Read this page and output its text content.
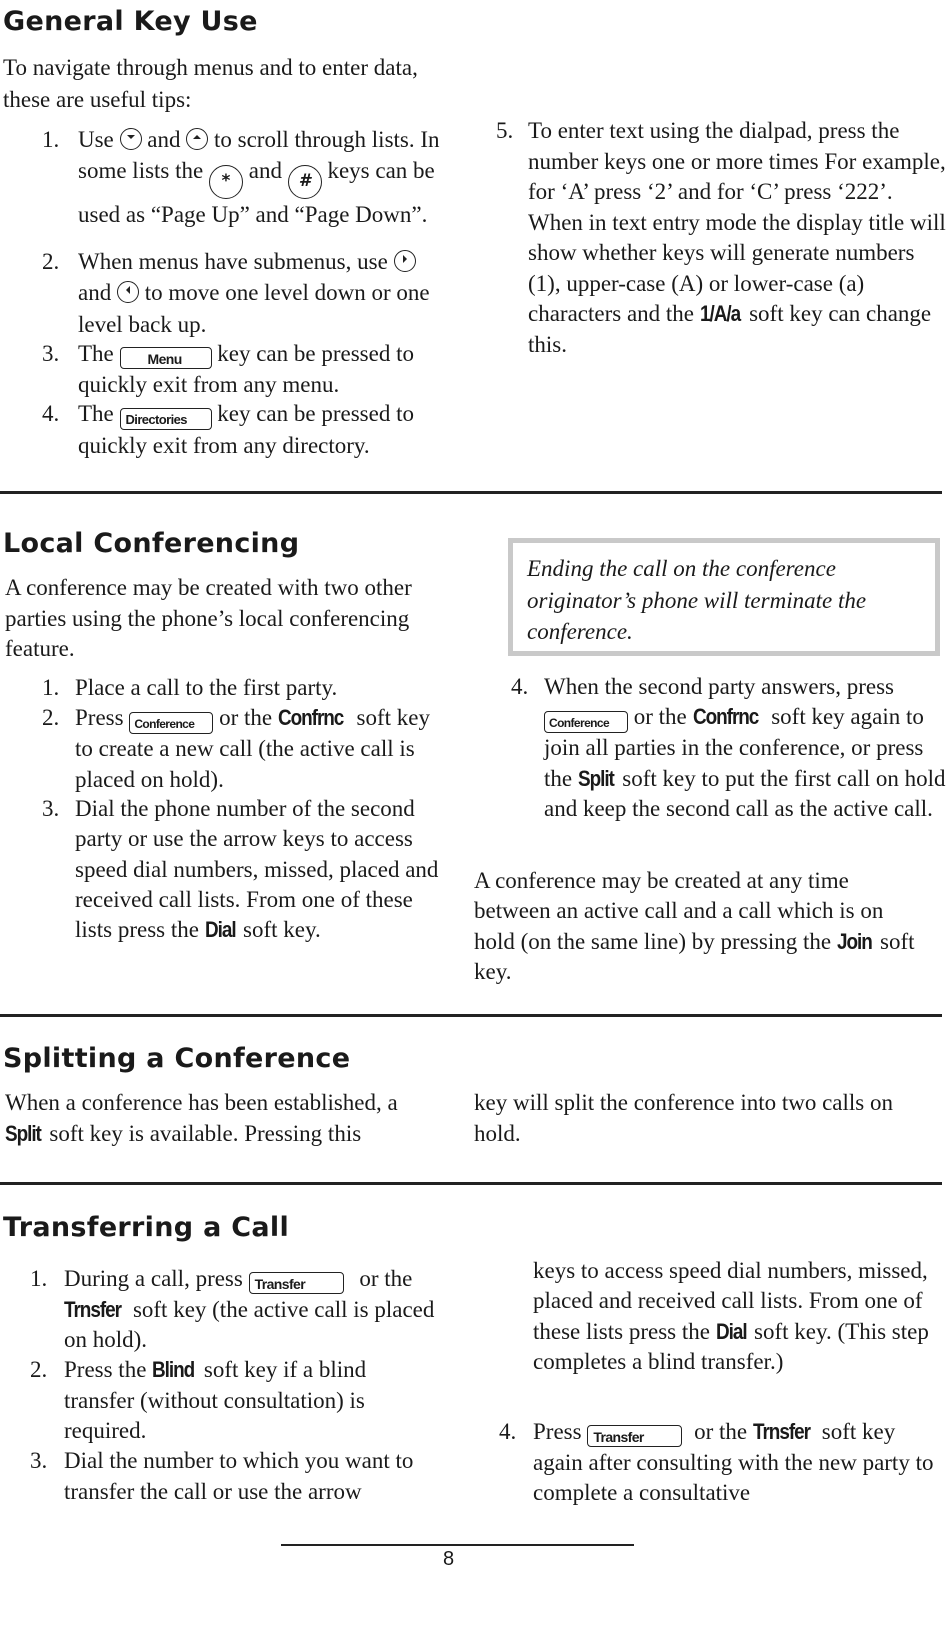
General Key Use
To navigate through menus and to enter data, these are useful tips:
1. Use and to scroll through lists. In some lists the * and # keys can be used as “Page Up” and “Page Down”.
2. When menus have submenus, use
and to move one level down or one level back up.
3. The Menu key can be pressed to quickly exit from any menu.
4. The Directories key can be pressed to quickly exit from any directory.
5. To enter text using the dialpad, press the number keys one or more times For example, for ‘A’ press ‘2’ and for ‘C’ press ‘222’. When in text entry mode the display title will show whether keys will generate numbers (1), upper-case (A) or lower-case (a) characters and the 1/A/a soft key can change this.
Local Conferencing
A conference may be created with two other parties using the phone’s local conferencing feature.
Ending the call on the conference originator’s phone will terminate the conference.
1. Place a call to the first party.
2. Press Conference or the Confrnc soft key to create a new call (the active call is placed on hold).
3. Dial the phone number of the second party or use the arrow keys to access speed dial numbers, missed, placed and received call lists. From one of these lists press the Dial soft key.
4. When the second party answers, press Conference or the Confrnc soft key again to join all parties in the conference, or press the Split soft key to put the first call on hold and keep the second call as the active call.
A conference may be created at any time between an active call and a call which is on hold (on the same line) by pressing the Join soft key.
Splitting a Conference
When a conference has been established, a Split soft key is available. Pressing this
key will split the conference into two calls on hold.
Transferring a Call
1. During a call, press Transfer or the Trnsfer soft key (the active call is placed on hold).
2. Press the Blind soft key if a blind transfer (without consultation) is required.
3. Dial the number to which you want to transfer the call or use the arrow
keys to access speed dial numbers, missed, placed and received call lists. From one of these lists press the Dial soft key. (This step completes a blind transfer.)
4. Press Transfer or the Trnsfer soft key again after consulting with the new party to complete a consultative
8
